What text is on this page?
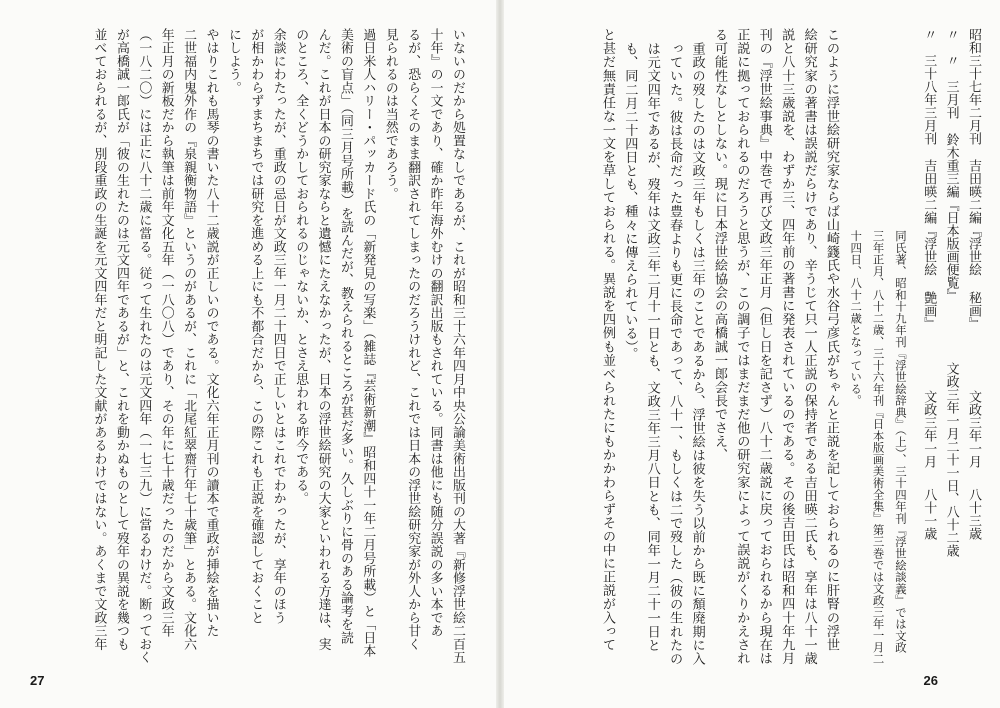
昭和三十七年二月刊吉田暎二編『浮世絵 秘画』文政三年一月八十三歳
〃　〃　三月刊鈴木重三編『日本版画便覧』文政三年一月二十一日、八十二歳
〃　三十八年三月刊吉田暎二編『浮世絵 艶画』文政三年一月八十一歳
同氏著、昭和十九年刊『浮世絵辞典』（上）、三十四年刊『浮世絵談義』では文政
三年正月、八十二歳、三十六年刊『日本版画美術全集』第三巻では文政三年一月二
十四日、八十二歳となっている。
このように浮世絵研究家ならば山崎籛氏や水谷弓彦氏がちゃんと正説を記しておられるのに肝腎の浮世
絵研究家の著書は誤説だらけであり、辛うじて只一人正説の保持者である吉田暎二氏も、享年は八十一歳
説と八十三歳説を、わずか三、四年前の著書に発表されているのである。その後吉田氏は昭和四十年九月
刊の『浮世絵事典』中巻で再び文政三年正月（但し日を記さず）八十二歳説に戻っておられるから現在は
正説に拠っておられるのだろうと思うが、この調子ではまだまだ他の研究家によって誤説がくりかえされ
る可能性なしとしない。現に日本浮世絵協会の高橋誠一郎会長でさえ、
重政の歿したのは文政三年もしくは三年のことであるから、浮世絵は彼を失う以前から既に頽廃期に入
っていた。彼は長命だった豊春よりも更に長命であって、八十一、もしくは二で歿した（彼の生れたの
は元文四年であるが、歿年は文政三年二月十一日とも、文政三年三月八日とも、同年一月二十一日と
も、同二月二十四日とも、種々に傳えられている）。
と甚だ無責任な一文を草しておられる。異説を四例も並べられたにもかかわらずその中に正説が入って
26
いないのだから処置なしであるが、これが昭和三十六年四月中央公論美術出版刊の大著『新修浮世絵二百五
十年』の一文であり、確か昨年海外むけの翻訳出版もされている。同書は他にも随分誤説の多い本であ
るが、恐らくそのまま翻訳されてしまったのだろうけれど、これでは日本の浮世絵研究家が外人から甘く
見られるのは当然であろう。
過日米人ハリー・パッカード氏の「新発見の写楽」（雑誌『芸術新潮』昭和四十一年二月号所載）と「日本
美術の盲点」（同三月号所載）を読んだが、教えられるところが甚だ多い。久しぶりに骨のある論考を読
んだ。これが日本の研究家ならと遺憾にたえなかったが、日本の浮世絵研究の大家といわれる方達は、実
のところ、全くどうかしておられるのじゃないか、とさえ思われる昨今である。
余談にわたったが、重政の忌日が文政三年一月二十四日で正しいとはこれでわかったが、享年のほう
が相かわらずまちまちでは研究を進める上にも不都合だから、この際これも正説を確認しておくこと
にしよう。
やはりこれも馬琴の書いた八十二歳説が正しいのである。文化六年正月刊の讀本で重政が挿絵を描いた
二世福内鬼外作の『泉親衡物語』というのがあるが、これに「北尾紅翠齋行年七十歳筆」とある。文化六
年正月の新板だから執筆は前年文化五年（一八〇八）であり、その年に七十歳だったのだから文政三年
（一八二〇）には正に八十二歳に當る。従って生れたのは元文四年（一七三九）に當るわけだ。断っておく
が高橋誠一郎氏が「彼の生れたのは元文四年であるが」と、これを動かぬものとして歿年の異説を幾つも
並べておられるが、別段重政の生誕を元文四年だと明記した文献があるわけではない。あくまで文政三年
27
